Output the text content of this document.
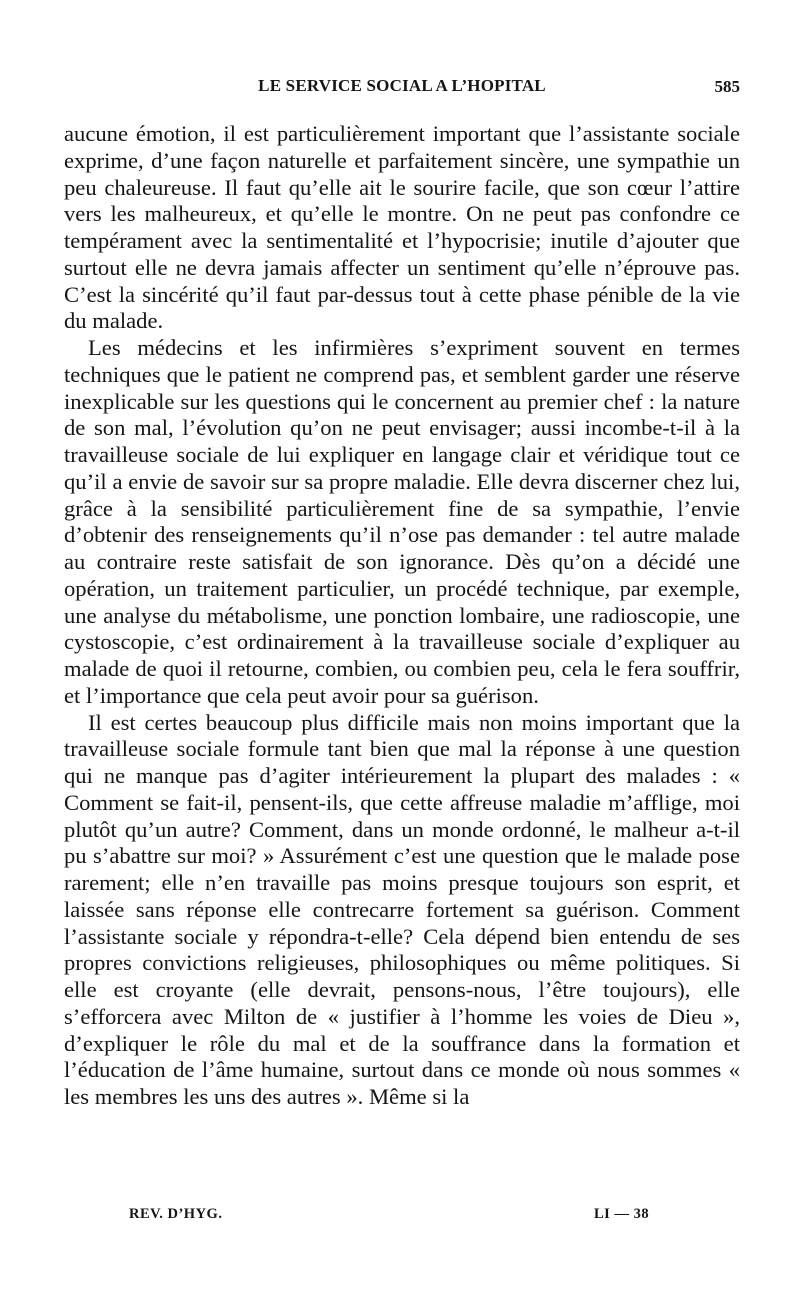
LE SERVICE SOCIAL A L’HOPITAL	585

aucune émotion, il est particulièrement important que l’assistante sociale exprime, d’une façon naturelle et parfaitement sincère, une sympathie un peu chaleureuse. Il faut qu’elle ait le sourire facile, que son cœur l’attire vers les malheureux, et qu’elle le montre. On ne peut pas confondre ce tempérament avec la sentimentalité et l’hypocrisie; inutile d’ajouter que surtout elle ne devra jamais affecter un sentiment qu’elle n’éprouve pas. C’est la sincérité qu’il faut par-dessus tout à cette phase pénible de la vie du malade.

Les médecins et les infirmières s’expriment souvent en termes techniques que le patient ne comprend pas, et semblent garder une réserve inexplicable sur les questions qui le concernent au premier chef : la nature de son mal, l’évolution qu’on ne peut envisager; aussi incombe-t-il à la travailleuse sociale de lui expliquer en langage clair et véridique tout ce qu’il a envie de savoir sur sa propre maladie. Elle devra discerner chez lui, grâce à la sensibilité particulièrement fine de sa sympathie, l’envie d’obtenir des renseignements qu’il n’ose pas demander : tel autre malade au contraire reste satisfait de son ignorance. Dès qu’on a décidé une opération, un traitement particulier, un procédé technique, par exemple, une analyse du métabolisme, une ponction lombaire, une radioscopie, une cystoscopie, c’est ordinairement à la travailleuse sociale d’expliquer au malade de quoi il retourne, combien, ou combien peu, cela le fera souffrir, et l’importance que cela peut avoir pour sa guérison.

Il est certes beaucoup plus difficile mais non moins important que la travailleuse sociale formule tant bien que mal la réponse à une question qui ne manque pas d’agiter intérieurement la plupart des malades : « Comment se fait-il, pensent-ils, que cette affreuse maladie m’afflige, moi plutôt qu’un autre? Comment, dans un monde ordonné, le malheur a-t-il pu s’abattre sur moi? » Assurément c’est une question que le malade pose rarement; elle n’en travaille pas moins presque toujours son esprit, et laissée sans réponse elle contrecarre fortement sa guérison. Comment l’assistante sociale y répondra-t-elle? Cela dépend bien entendu de ses propres convictions religieuses, philosophiques ou même politiques. Si elle est croyante (elle devrait, pensons-nous, l’être toujours), elle s’efforcera avec Milton de « justifier à l’homme les voies de Dieu », d’expliquer le rôle du mal et de la souffrance dans la formation et l’éducation de l’âme humaine, surtout dans ce monde où nous sommes « les membres les uns des autres ». Même si la

REV. D’HYG.	LI — 38
